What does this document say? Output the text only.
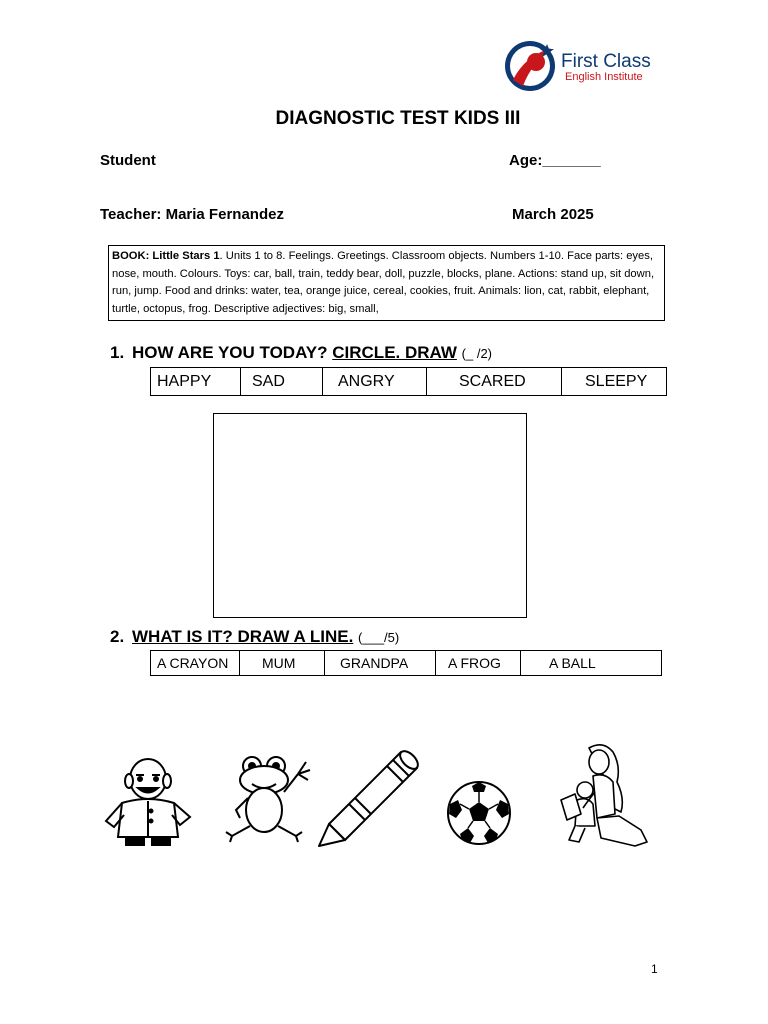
First Class
English Institute
DIAGNOSTIC TEST KIDS III
Student	Age:_______
Teacher: Maria Fernandez	March 2025
BOOK: Little Stars 1. Units 1 to 8. Feelings. Greetings. Classroom objects. Numbers 1-10. Face parts: eyes, nose, mouth. Colours. Toys: car, ball, train, teddy bear, doll, puzzle, blocks, plane. Actions: stand up, sit down, run, jump. Food and drinks: water, tea, orange juice, cereal, cookies, fruit. Animals: lion, cat, rabbit, elephant, turtle, octopus, frog. Descriptive adjectives: big, small,
1. HOW ARE YOU TODAY? CIRCLE. DRAW (_ /2)
HAPPY	SAD	ANGRY	SCARED	SLEEPY
2. WHAT IS IT? DRAW A LINE. (___/5)
A CRAYON	MUM	GRANDPA	A FROG	A BALL
1
